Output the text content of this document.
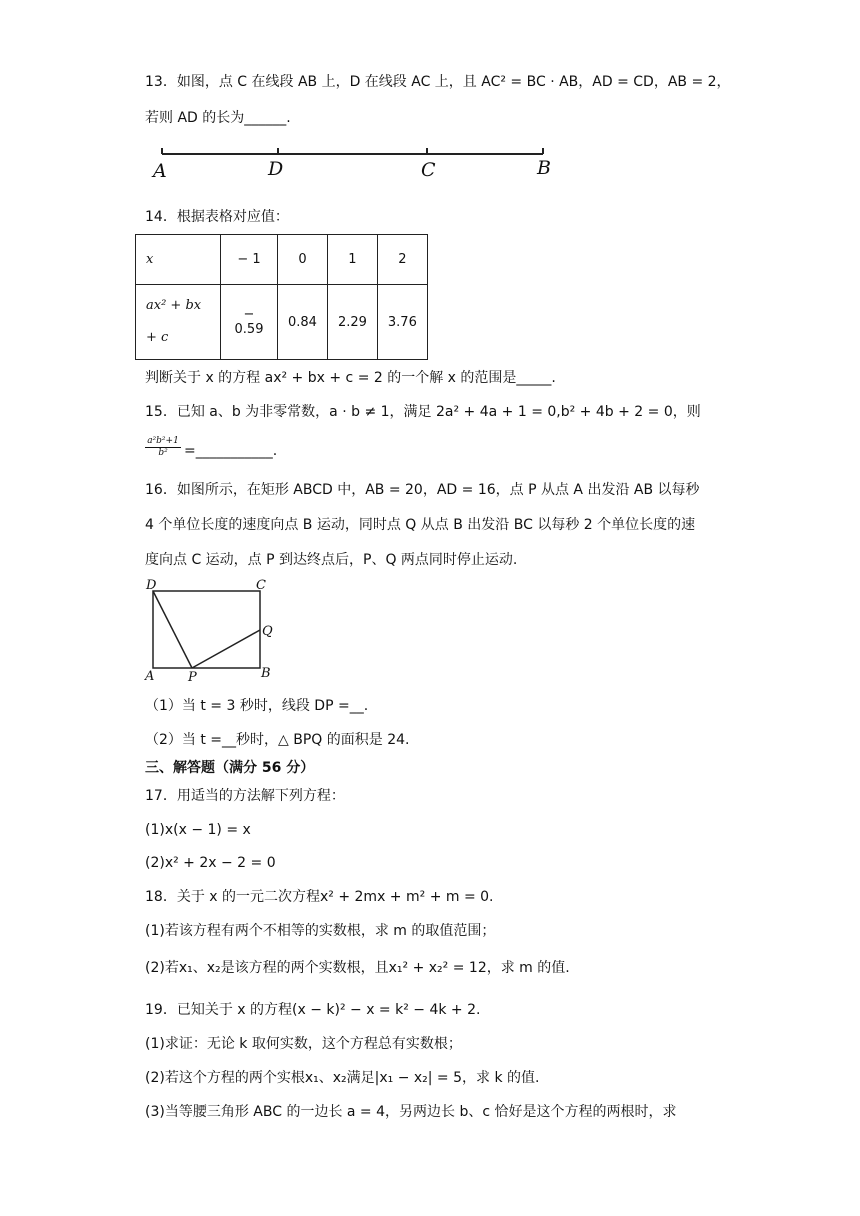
13．如图，点 C 在线段 AB 上，D 在线段 AC 上，且 AC² = BC · AB，AD = CD，AB = 2，
若则 AD 的长为______.
A	D	C	B
14．根据表格对应值：
x	− 1	0	1	2
ax² + bx
+ c	− 0.59	0.84	2.29	3.76
判断关于 x 的方程 ax² + bx + c = 2 的一个解 x 的范围是_____.
15．已知 a、b 为非零常数，a · b ≠ 1，满足 2a² + 4a + 1 = 0,b² + 4b + 2 = 0，则
$\frac{\text{a²b²+1}}{\text{b²}}$ =___________.
16．如图所示，在矩形 ABCD 中，AB = 20，AD = 16，点 P 从点 A 出发沿 AB 以每秒
4 个单位长度的速度向点 B 运动，同时点 Q 从点 B 出发沿 BC 以每秒 2 个单位长度的速
度向点 C 运动，点 P 到达终点后，P、Q 两点同时停止运动.
D	C
Q
A	P	B
（1）当 t = 3 秒时，线段 DP =__.
（2）当 t =__秒时，△ BPQ 的面积是 24.
三、解答题（满分 56 分）
17．用适当的方法解下列方程：
(1)x(x − 1) = x
(2)x² + 2x − 2 = 0
18．关于 x 的一元二次方程x² + 2mx + m² + m = 0.
(1)若该方程有两个不相等的实数根，求 m 的取值范围；
(2)若x₁、x₂是该方程的两个实数根，且x₁² + x₂² = 12，求 m 的值.
19．已知关于 x 的方程(x − k)² − x = k² − 4k + 2.
(1)求证：无论 k 取何实数，这个方程总有实数根；
(2)若这个方程的两个实根x₁、x₂满足|x₁ − x₂| = 5，求 k 的值.
(3)当等腰三角形 ABC 的一边长 a = 4，另两边长 b、c 恰好是这个方程的两根时，求
